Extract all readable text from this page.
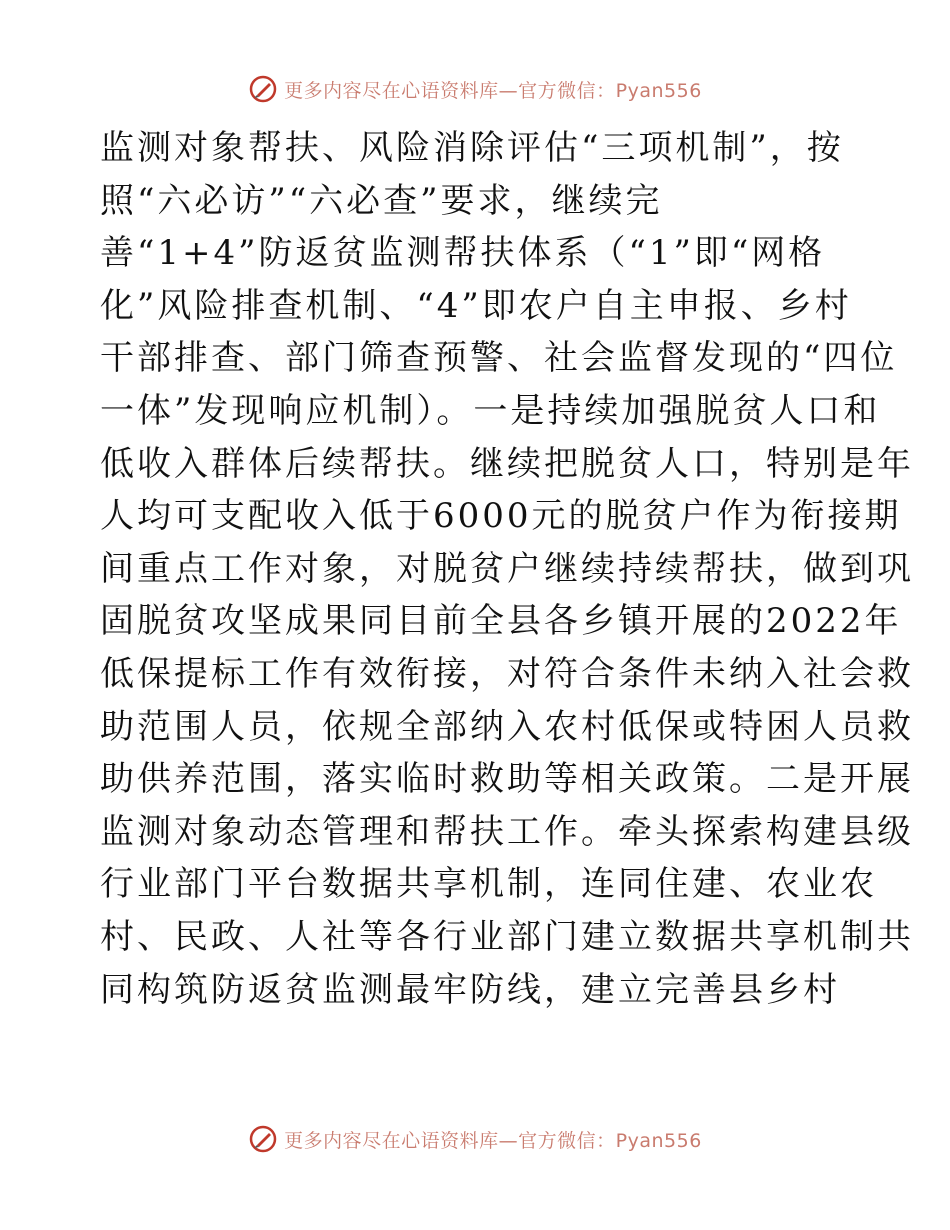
更多内容尽在心语资料库—官方微信：Pyan556
监测对象帮扶、风险消除评估“三项机制”，按
照“六必访”“六必查”要求，继续完
善“1+4”防返贫监测帮扶体系（“1”即“网格
化”风险排查机制、“4”即农户自主申报、乡村
干部排查、部门筛查预警、社会监督发现的“四位
一体”发现响应机制）。一是持续加强脱贫人口和
低收入群体后续帮扶。继续把脱贫人口，特别是年
人均可支配收入低于6000元的脱贫户作为衔接期
间重点工作对象，对脱贫户继续持续帮扶，做到巩
固脱贫攻坚成果同目前全县各乡镇开展的2022年
低保提标工作有效衔接，对符合条件未纳入社会救
助范围人员，依规全部纳入农村低保或特困人员救
助供养范围，落实临时救助等相关政策。二是开展
监测对象动态管理和帮扶工作。牵头探索构建县级
行业部门平台数据共享机制，连同住建、农业农
村、民政、人社等各行业部门建立数据共享机制共
同构筑防返贫监测最牢防线，建立完善县乡村
更多内容尽在心语资料库—官方微信：Pyan556
